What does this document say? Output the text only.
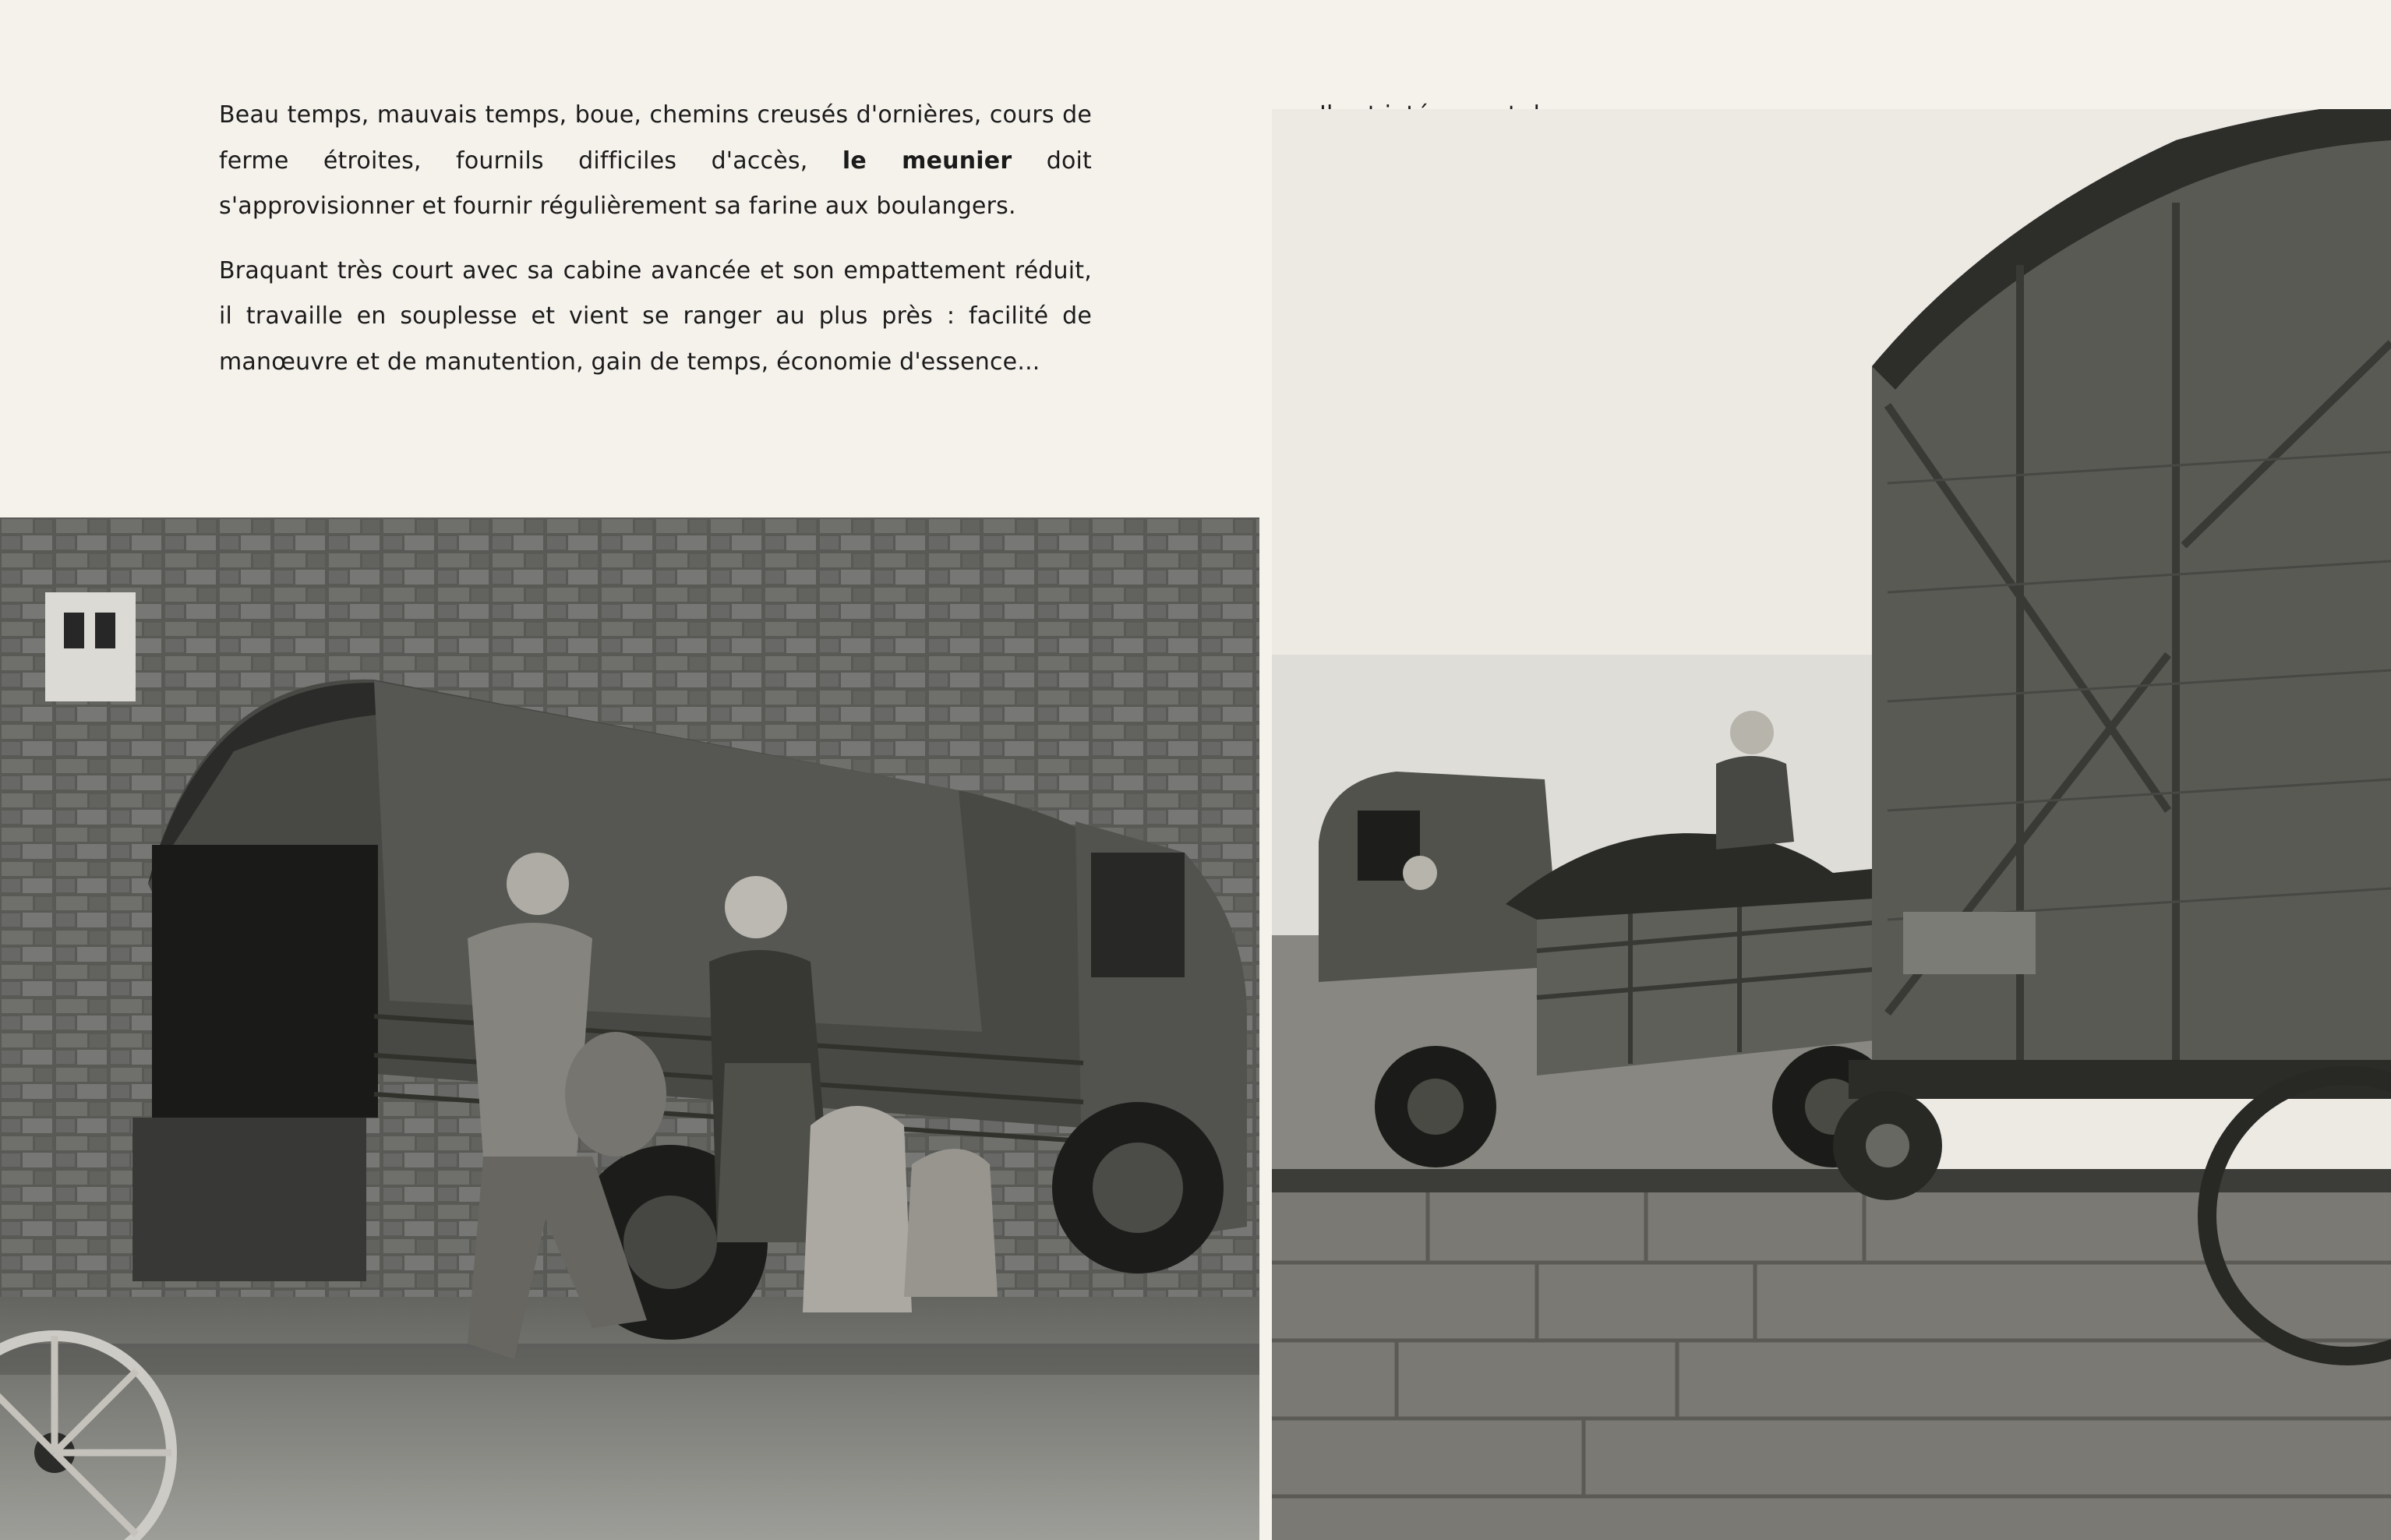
Beau temps, mauvais temps, boue, chemins creusés d'ornières, cours de ferme étroites, fournils difficiles d'accès, le meunier doit s'approvisionner et fournir régulièrement sa farine aux boulangers.

Braquant très court avec sa cabine avancée et son empattement réduit, il travaille en souplesse et vient se ranger au plus près : facilité de manœuvre et de manutention, gain de temps, économie d'essence...
